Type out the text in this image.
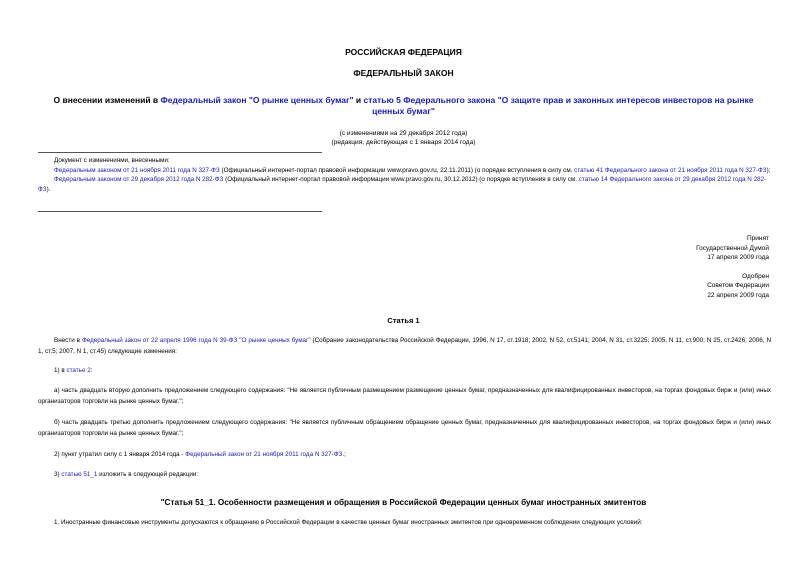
РОССИЙСКАЯ ФЕДЕРАЦИЯ
ФЕДЕРАЛЬНЫЙ ЗАКОН
О внесении изменений в Федеральный закон "О рынке ценных бумаг" и статью 5 Федерального закона "О защите прав и законных интересов инвесторов на рынке ценных бумаг"
(с изменениями на 29 декабря 2012 года)
(редакция, действующая с 1 января 2014 года)
Документ с изменениями, внесенными:
Федеральным законом от 21 ноября 2011 года N 327-ФЗ (Официальный интернет-портал правовой информации www.pravo.gov.ru, 22.11.2011) (о порядке вступления в силу см. статью 41 Федерального закона от 21 ноября 2011 года N 327-ФЗ);
Федеральным законом от 29 декабря 2012 года N 282-ФЗ (Официальный интернет-портал правовой информации www.pravo.gov.ru, 30.12.2012) (о порядке вступления в силу см. статью 14 Федерального закона от 29 декабря 2012 года N 282-ФЗ).
Принят
Государственной Думой
17 апреля 2009 года
Одобрен
Советом Федерации
22 апреля 2009 года
Статья 1
Внести в Федеральный закон от 22 апреля 1996 года N 39-ФЗ "О рынке ценных бумаг" (Собрание законодательства Российской Федерации, 1996, N 17, ст.1918; 2002, N 52, ст.5141; 2004, N 31, ст.3225; 2005, N 11, ст.900; N 25, ст.2426; 2006, N 1, ст.5; 2007, N 1, ст.45) следующие изменения:
1) в статье 2:
а) часть двадцать вторую дополнить предложением следующего содержания: "Не является публичным размещением размещение ценных бумаг, предназначенных для квалифицированных инвесторов, на торгах фондовых бирж и (или) иных организаторов торговли на рынке ценных бумаг.";
б) часть двадцать третью дополнить предложением следующего содержания: "Не является публичным обращением обращение ценных бумаг, предназначенных для квалифицированных инвесторов, на торгах фондовых бирж и (или) иных организаторов торговли на рынке ценных бумаг.";
2) пункт утратил силу с 1 января 2014 года - Федеральный закон от 21 ноября 2011 года N 327-ФЗ.;
3) статью 51_1 изложить в следующей редакции:
"Статья 51_1. Особенности размещения и обращения в Российской Федерации ценных бумаг иностранных эмитентов
1. Иностранные финансовые инструменты допускаются к обращению в Российской Федерации в качестве ценных бумаг иностранных эмитентов при одновременном соблюдении следующих условий:
